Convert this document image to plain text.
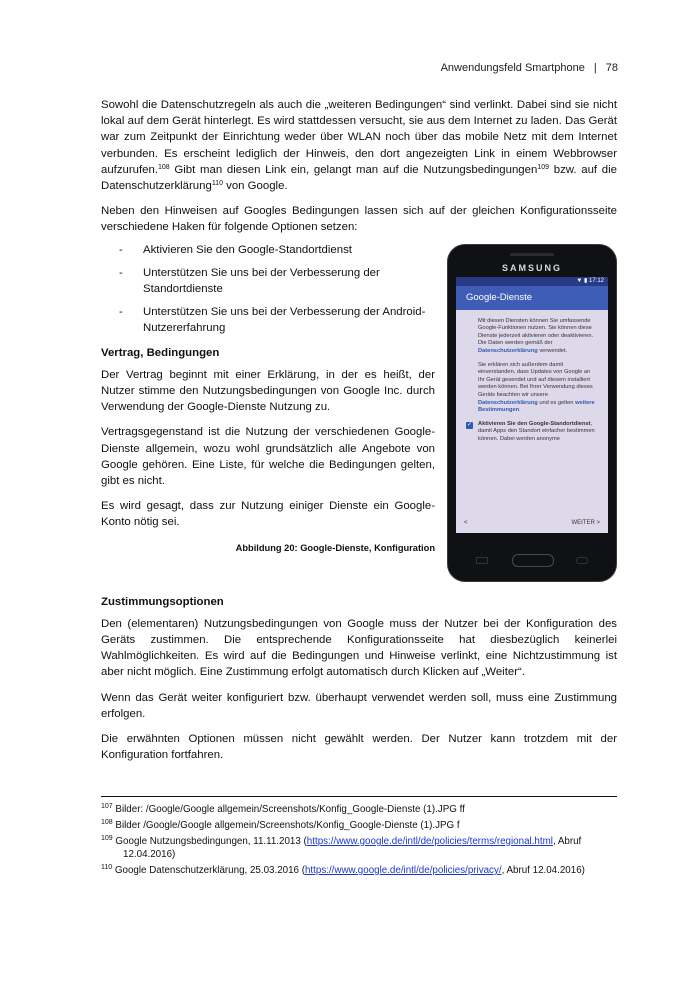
Anwendungsfeld Smartphone | 78

Sowohl die Datenschutzregeln als auch die „weiteren Bedingungen“ sind verlinkt. Dabei sind sie nicht lokal auf dem Gerät hinterlegt. Es wird stattdessen versucht, sie aus dem Internet zu laden. Das Gerät war zum Zeitpunkt der Einrichtung weder über WLAN noch über das mobile Netz mit dem Internet verbunden. Es erscheint lediglich der Hinweis, den dort angezeigten Link in einem Webbrowser aufzurufen.$^{108}$ Gibt man diesen Link ein, gelangt man auf die Nutzungsbedingungen$^{109}$ bzw. auf die Datenschutzerklärung$^{110}$ von Google.

Neben den Hinweisen auf Googles Bedingungen lassen sich auf der gleichen Konfigurationsseite verschiedene Haken für folgende Optionen setzen:

SAMSUNG
▼ ▮ 17:12
Google-Dienste
Mit diesen Diensten können Sie umfassende Google-Funktionen nutzen. Sie können diese Dienste jederzeit aktivieren oder deaktivieren. Die Daten werden gemäß der Datenschutzerklärung verwendet.
Sie erklären sich außerdem damit einverstanden, dass Updates von Google an Ihr Gerät gesendet und auf diesem installiert werden können. Bei Ihrer Verwendung dieses Geräts beachten wir unsere Datenschutzerklärung und es gelten weitere Bestimmungen.
✓
Aktivieren Sie den Google-Standortdienst, damit Apps den Standort einfacher bestimmen können. Dabei werden anonyme
<	WEITER >
- Aktivieren Sie den Google-Standortdienst
- Unterstützen Sie uns bei der Verbesserung der Standortdienste
- Unterstützen Sie uns bei der Verbesserung der Android-Nutzererfahrung
Vertrag, Bedingungen

Der Vertrag beginnt mit einer Erklärung, in der es heißt, der Nutzer stimme den Nutzungsbedingungen von Google Inc. durch Verwendung der Google-Dienste Nutzung zu.

Vertragsgegenstand ist die Nutzung der verschiedenen Google-Dienste allgemein, wozu wohl grundsätzlich alle Angebote von Google gehören. Eine Liste, für welche die Bedingungen gelten, gibt es nicht.

Es wird gesagt, dass zur Nutzung einiger Dienste ein Google-Konto nötig sei.

Abbildung 20: Google-Dienste, Konfiguration
Zustimmungsoptionen

Den (elementaren) Nutzungsbedingungen von Google muss der Nutzer bei der Konfiguration des Geräts zustimmen. Die entsprechende Konfigurationsseite hat diesbezüglich keinerlei Wahlmöglichkeiten. Es wird auf die Bedingungen und Hinweise verlinkt, eine Nichtzustimmung ist aber nicht möglich. Eine Zustimmung erfolgt automatisch durch Klicken auf „Weiter“.

Wenn das Gerät weiter konfiguriert bzw. überhaupt verwendet werden soll, muss eine Zustimmung erfolgen.

Die erwähnten Optionen müssen nicht gewählt werden. Der Nutzer kann trotzdem mit der Konfiguration fortfahren.

$^{107}$ Bilder: /Google/Google allgemein/Screenshots/Konfig_Google-Dienste (1).JPG ff
$^{108}$ Bilder /Google/Google allgemein/Screenshots/Konfig_Google-Dienste (1).JPG f
$^{109}$ Google Nutzungsbedingungen, 11.11.2013 (https://www.google.de/intl/de/policies/terms/regional.html, Abruf 12.04.2016)
$^{110}$ Google Datenschutzerklärung, 25.03.2016 (https://www.google.de/intl/de/policies/privacy/, Abruf 12.04.2016)
